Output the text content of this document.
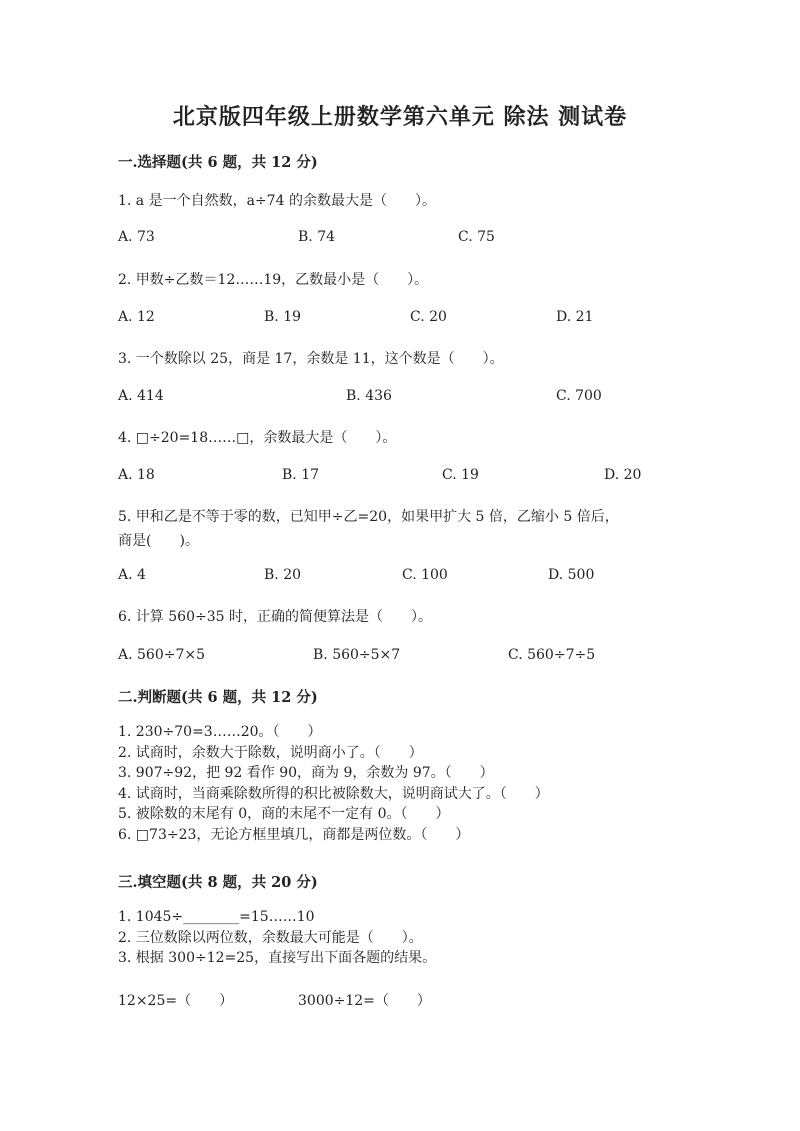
北京版四年级上册数学第六单元 除法 测试卷
一.选择题(共 6 题，共 12 分)
1. a 是一个自然数，a÷74 的余数最大是（　　）。
A. 73	B. 74	C. 75
2. 甲数÷乙数＝12……19，乙数最小是（　　）。
A. 12	B. 19	C. 20	D. 21
3. 一个数除以 25，商是 17，余数是 11，这个数是（　　）。
A. 414	B. 436	C. 700
4. □÷20=18……□，余数最大是（　　）。
A. 18	B. 17	C. 19	D. 20
5. 甲和乙是不等于零的数，已知甲÷乙=20，如果甲扩大 5 倍，乙缩小 5 倍后，
商是(　　)。
A. 4	B. 20	C. 100	D. 500
6. 计算 560÷35 时，正确的简便算法是（　　）。
A. 560÷7×5	B. 560÷5×7	C. 560÷7÷5
二.判断题(共 6 题，共 12 分)
1. 230÷70=3……20。（　　）
2. 试商时，余数大于除数，说明商小了。（　　）
3. 907÷92，把 92 看作 90，商为 9，余数为 97。（　　）
4. 试商时，当商乘除数所得的积比被除数大，说明商试大了。（　　）
5. 被除数的末尾有 0，商的末尾不一定有 0。（　　）
6. □73÷23，无论方框里填几，商都是两位数。（　　）
三.填空题(共 8 题，共 20 分)
1. 1045÷________=15……10
2. 三位数除以两位数，余数最大可能是（　　）。
3. 根据 300÷12=25，直接写出下面各题的结果。
12×25=（　　）	3000÷12=（　　）
